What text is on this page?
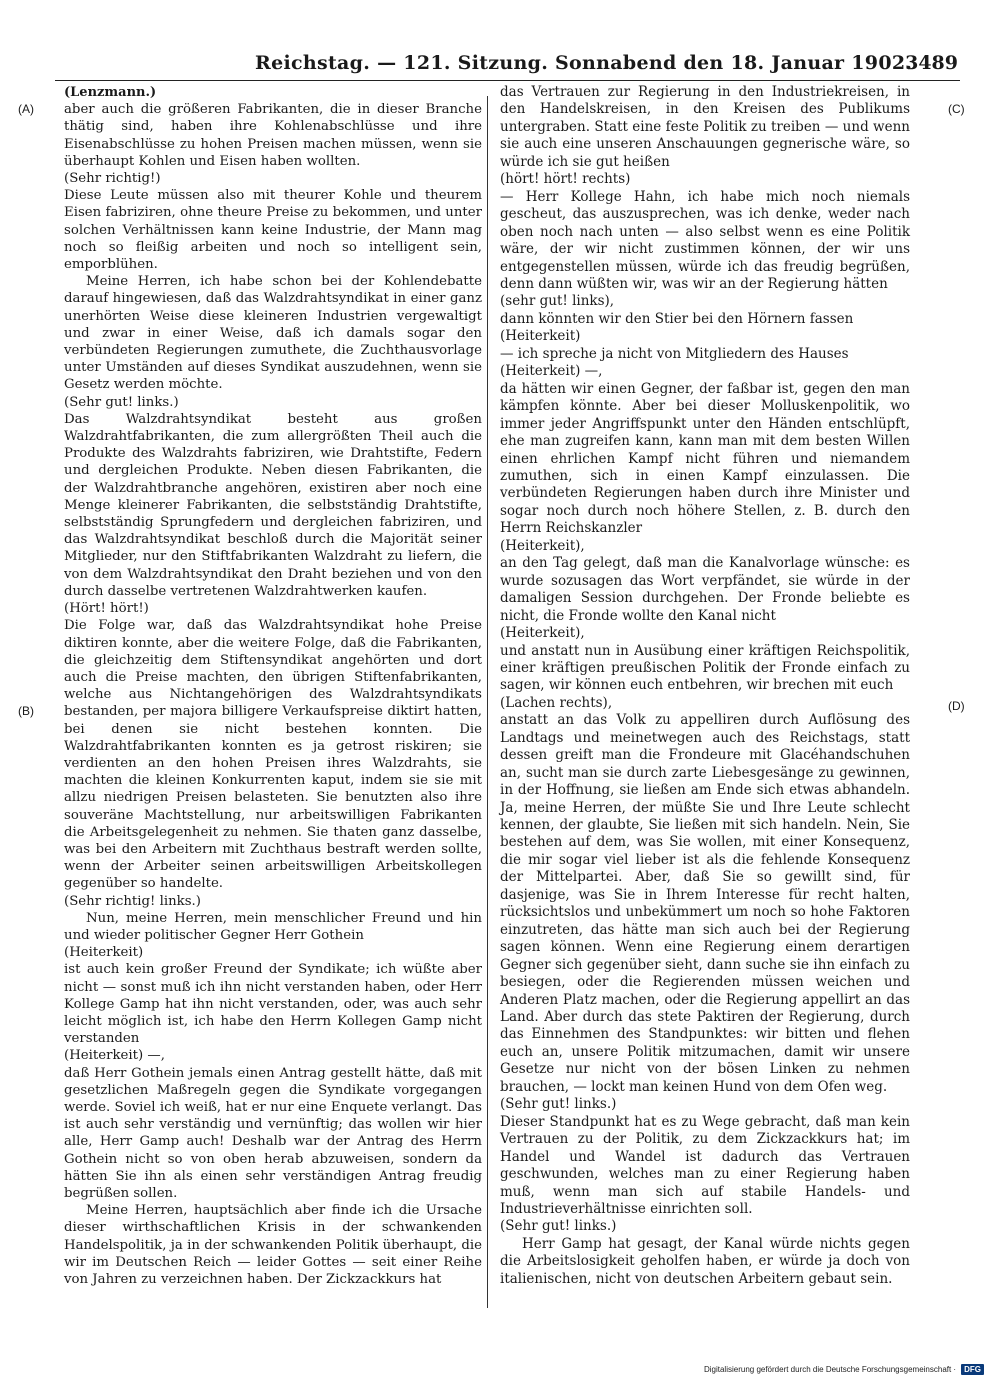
Reichstag. — 121. Sitzung. Sonnabend den 18. Januar 1902.
3489
(A)
(B)
(C)
(D)

(Lenzmann.)

aber auch die größeren Fabrikanten, die in dieser Branche thätig sind, haben ihre Kohlenabschlüsse und ihre Eisenabschlüsse zu hohen Preisen machen müssen, wenn sie überhaupt Kohlen und Eisen haben wollten.

(Sehr richtig!)

Diese Leute müssen also mit theurer Kohle und theurem Eisen fabriziren, ohne theure Preise zu bekommen, und unter solchen Verhältnissen kann keine Industrie, der Mann mag noch so fleißig arbeiten und noch so intelligent sein, emporblühen.

Meine Herren, ich habe schon bei der Kohlendebatte darauf hingewiesen, daß das Walzdrahtsyndikat in einer ganz unerhörten Weise diese kleineren Industrien vergewaltigt und zwar in einer Weise, daß ich damals sogar den verbündeten Regierungen zumuthete, die Zuchthausvorlage unter Umständen auf dieses Syndikat auszudehnen, wenn sie Gesetz werden möchte.

(Sehr gut! links.)

Das Walzdrahtsyndikat besteht aus großen Walzdrahtfabrikanten, die zum allergrößten Theil auch die Produkte des Walzdrahts fabriziren, wie Drahtstifte, Federn und dergleichen Produkte. Neben diesen Fabrikanten, die der Walzdrahtbranche angehören, existiren aber noch eine Menge kleinerer Fabrikanten, die selbstständig Drahtstifte, selbstständig Sprungfedern und dergleichen fabriziren, und das Walzdrahtsyndikat beschloß durch die Majorität seiner Mitglieder, nur den Stiftfabrikanten Walzdraht zu liefern, die von dem Walzdrahtsyndikat den Draht beziehen und von den durch dasselbe vertretenen Walzdrahtwerken kaufen.

(Hört! hört!)

Die Folge war, daß das Walzdrahtsyndikat hohe Preise diktiren konnte, aber die weitere Folge, daß die Fabrikanten, die gleichzeitig dem Stiftensyndikat angehörten und dort auch die Preise machten, den übrigen Stiftenfabrikanten, welche aus Nichtangehörigen des Walzdrahtsyndikats bestanden, per majora billigere Verkaufspreise diktirt hatten, bei denen sie nicht bestehen konnten. Die Walzdrahtfabrikanten konnten es ja getrost riskiren; sie verdienten an den hohen Preisen ihres Walzdrahts, sie machten die kleinen Konkurrenten kaput, indem sie sie mit allzu niedrigen Preisen belasteten. Sie benutzten also ihre souveräne Machtstellung, nur arbeitswilligen Fabrikanten die Arbeitsgelegenheit zu nehmen. Sie thaten ganz dasselbe, was bei den Arbeitern mit Zuchthaus bestraft werden sollte, wenn der Arbeiter seinen arbeitswilligen Arbeitskollegen gegenüber so handelte.

(Sehr richtig! links.)

Nun, meine Herren, mein menschlicher Freund und hin und wieder politischer Gegner Herr Gothein

(Heiterkeit)

ist auch kein großer Freund der Syndikate; ich wüßte aber nicht — sonst muß ich ihn nicht verstanden haben, oder Herr Kollege Gamp hat ihn nicht verstanden, oder, was auch sehr leicht möglich ist, ich habe den Herrn Kollegen Gamp nicht verstanden

(Heiterkeit) —,

daß Herr Gothein jemals einen Antrag gestellt hätte, daß mit gesetzlichen Maßregeln gegen die Syndikate vorgegangen werde. Soviel ich weiß, hat er nur eine Enquete verlangt. Das ist auch sehr verständig und vernünftig; das wollen wir hier alle, Herr Gamp auch! Deshalb war der Antrag des Herrn Gothein nicht so von oben herab abzuweisen, sondern da hätten Sie ihn als einen sehr verständigen Antrag freudig begrüßen sollen.

Meine Herren, hauptsächlich aber finde ich die Ursache dieser wirthschaftlichen Krisis in der schwankenden Handelspolitik, ja in der schwankenden Politik überhaupt, die wir im Deutschen Reich — leider Gottes — seit einer Reihe von Jahren zu verzeichnen haben. Der Zickzackkurs hat

das Vertrauen zur Regierung in den Industriekreisen, in den Handelskreisen, in den Kreisen des Publikums untergraben. Statt eine feste Politik zu treiben — und wenn sie auch eine unseren Anschauungen gegnerische wäre, so würde ich sie gut heißen

(hört! hört! rechts)

— Herr Kollege Hahn, ich habe mich noch niemals gescheut, das auszusprechen, was ich denke, weder nach oben noch nach unten — also selbst wenn es eine Politik wäre, der wir nicht zustimmen können, der wir uns entgegenstellen müssen, würde ich das freudig begrüßen, denn dann wüßten wir, was wir an der Regierung hätten

(sehr gut! links),

dann könnten wir den Stier bei den Hörnern fassen

(Heiterkeit)

— ich spreche ja nicht von Mitgliedern des Hauses

(Heiterkeit) —,

da hätten wir einen Gegner, der faßbar ist, gegen den man kämpfen könnte. Aber bei dieser Molluskenpolitik, wo immer jeder Angriffspunkt unter den Händen entschlüpft, ehe man zugreifen kann, kann man mit dem besten Willen einen ehrlichen Kampf nicht führen und niemandem zumuthen, sich in einen Kampf einzulassen. Die verbündeten Regierungen haben durch ihre Minister und sogar noch durch noch höhere Stellen, z. B. durch den Herrn Reichskanzler

(Heiterkeit),

an den Tag gelegt, daß man die Kanalvorlage wünsche: es wurde sozusagen das Wort verpfändet, sie würde in der damaligen Session durchgehen. Der Fronde beliebte es nicht, die Fronde wollte den Kanal nicht

(Heiterkeit),

und anstatt nun in Ausübung einer kräftigen Reichspolitik, einer kräftigen preußischen Politik der Fronde einfach zu sagen, wir können euch entbehren, wir brechen mit euch

(Lachen rechts),

anstatt an das Volk zu appelliren durch Auflösung des Landtags und meinetwegen auch des Reichstags, statt dessen greift man die Frondeure mit Glacéhandschuhen an, sucht man sie durch zarte Liebesgesänge zu gewinnen, in der Hoffnung, sie ließen am Ende sich etwas abhandeln. Ja, meine Herren, der müßte Sie und Ihre Leute schlecht kennen, der glaubte, Sie ließen mit sich handeln. Nein, Sie bestehen auf dem, was Sie wollen, mit einer Konsequenz, die mir sogar viel lieber ist als die fehlende Konsequenz der Mittelpartei. Aber, daß Sie so gewillt sind, für dasjenige, was Sie in Ihrem Interesse für recht halten, rücksichtslos und unbekümmert um noch so hohe Faktoren einzutreten, das hätte man sich auch bei der Regierung sagen können. Wenn eine Regierung einem derartigen Gegner sich gegenüber sieht, dann suche sie ihn einfach zu besiegen, oder die Regierenden müssen weichen und Anderen Platz machen, oder die Regierung appellirt an das Land. Aber durch das stete Paktiren der Regierung, durch das Einnehmen des Standpunktes: wir bitten und flehen euch an, unsere Politik mitzumachen, damit wir unsere Gesetze nur nicht von der bösen Linken zu nehmen brauchen, — lockt man keinen Hund von dem Ofen weg.

(Sehr gut! links.)

Dieser Standpunkt hat es zu Wege gebracht, daß man kein Vertrauen zu der Politik, zu dem Zickzackkurs hat; im Handel und Wandel ist dadurch das Vertrauen geschwunden, welches man zu einer Regierung haben muß, wenn man sich auf stabile Handels- und Industrieverhältnisse einrichten soll.

(Sehr gut! links.)

Herr Gamp hat gesagt, der Kanal würde nichts gegen die Arbeitslosigkeit geholfen haben, er würde ja doch von italienischen, nicht von deutschen Arbeitern gebaut sein.

Digitalisierung gefördert durch die Deutsche Forschungsgemeinschaft ·	DFG
